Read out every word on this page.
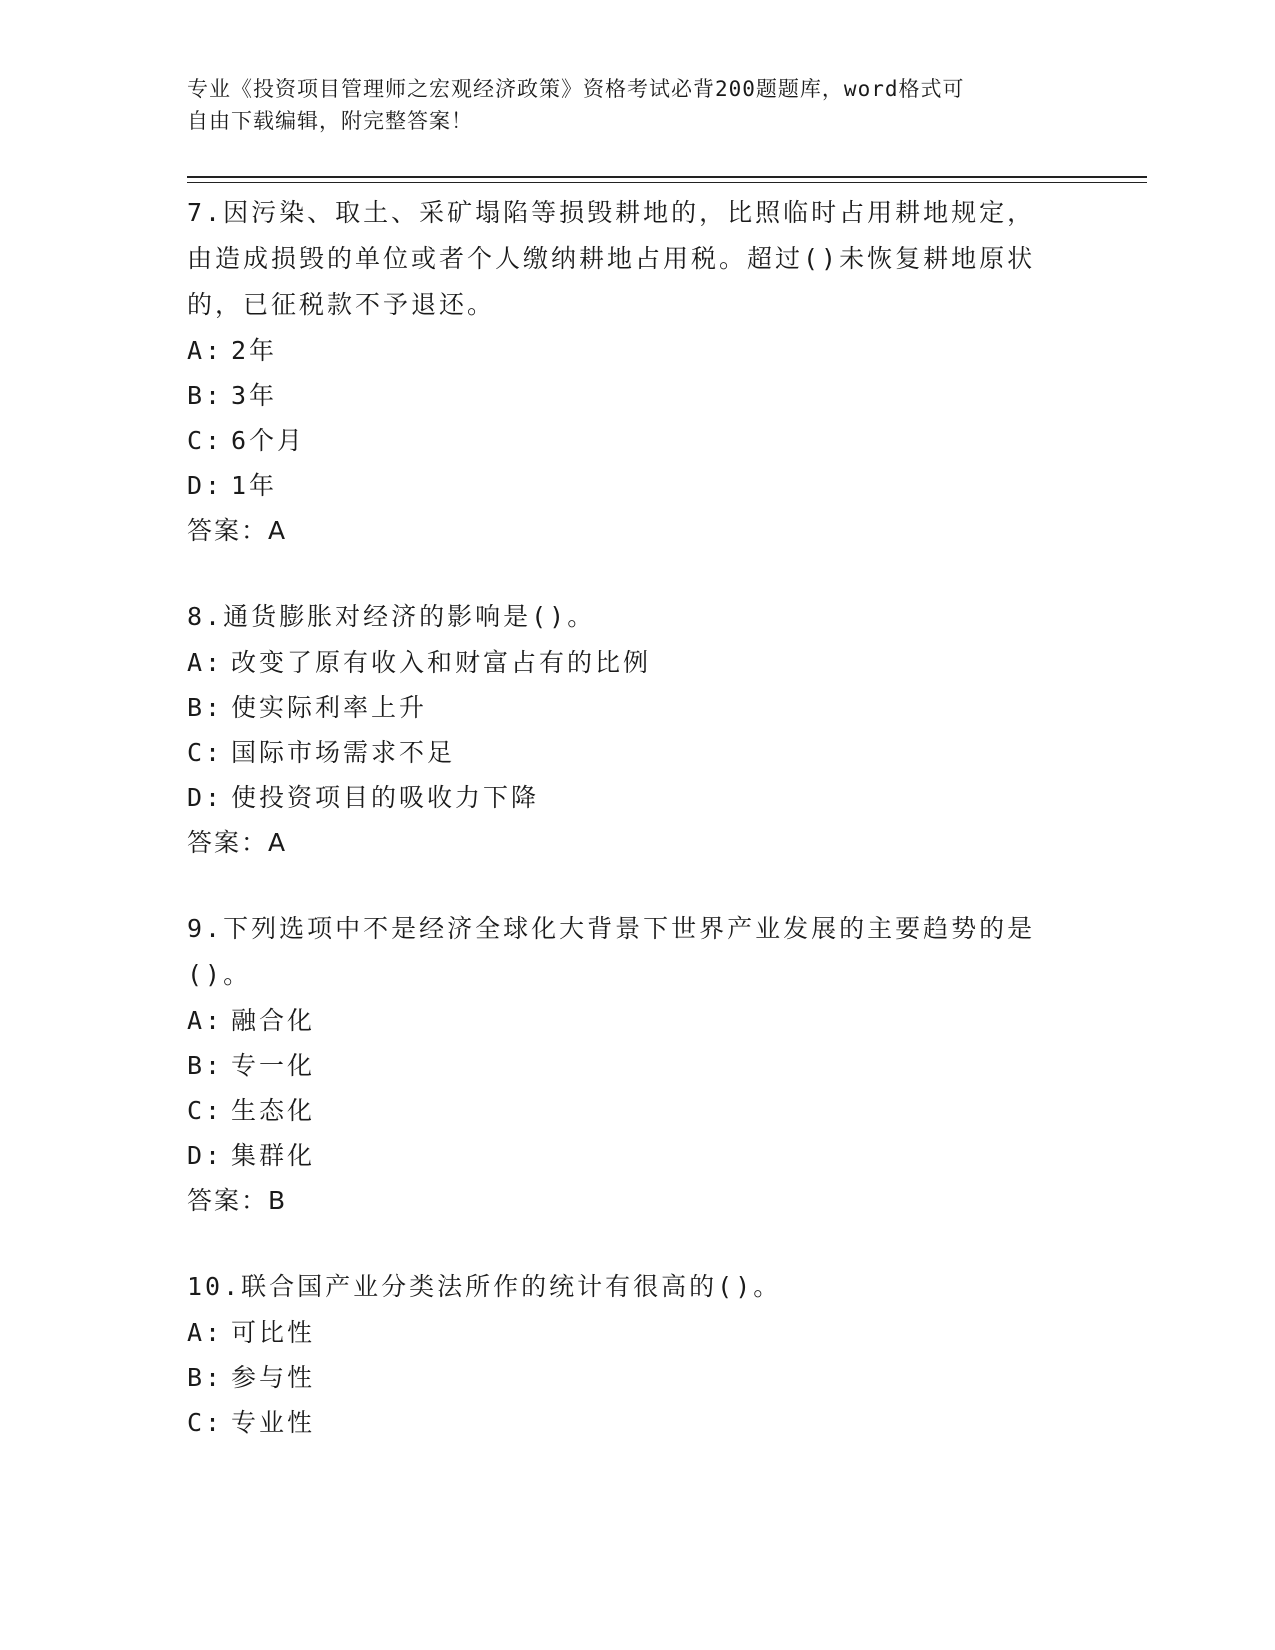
专业《投资项目管理师之宏观经济政策》资格考试必背200题题库，word格式可
自由下载编辑，附完整答案！
7.因污染、取土、采矿塌陷等损毁耕地的，比照临时占用耕地规定，
由造成损毁的单位或者个人缴纳耕地占用税。超过()未恢复耕地原状
的，已征税款不予退还。
A: 2年
B: 3年
C: 6个月
D: 1年
答案：A
8.通货膨胀对经济的影响是()。
A: 改变了原有收入和财富占有的比例
B: 使实际利率上升
C: 国际市场需求不足
D: 使投资项目的吸收力下降
答案：A
9.下列选项中不是经济全球化大背景下世界产业发展的主要趋势的是
()。
A: 融合化
B: 专一化
C: 生态化
D: 集群化
答案：B
10.联合国产业分类法所作的统计有很高的()。
A: 可比性
B: 参与性
C: 专业性
